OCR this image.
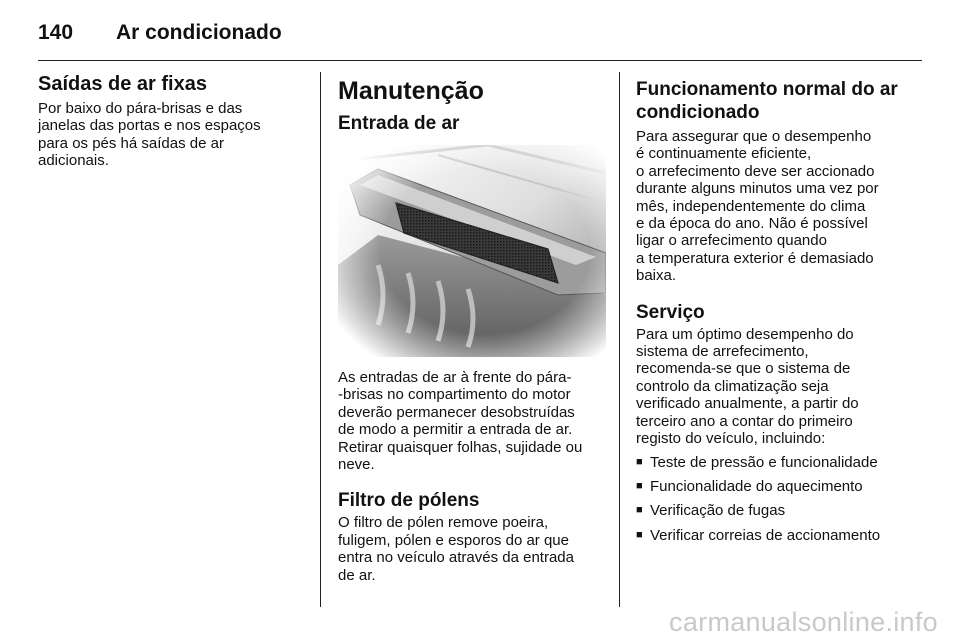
140	Ar condicionado
Saídas de ar fixas

Por baixo do pára-brisas e das
janelas das portas e nos espaços
para os pés há saídas de ar
adicionais.

Manutenção
Entrada de ar

As entradas de ar à frente do pára-
-brisas no compartimento do motor
deverão permanecer desobstruídas
de modo a permitir a entrada de ar.
Retirar quaisquer folhas, sujidade ou
neve.

Filtro de pólens

O filtro de pólen remove poeira,
fuligem, pólen e esporos do ar que
entra no veículo através da entrada
de ar.

Funcionamento normal do ar
condicionado

Para assegurar que o desempenho
é continuamente eficiente,
o arrefecimento deve ser accionado
durante alguns minutos uma vez por
mês, independentemente do clima
e da época do ano. Não é possível
ligar o arrefecimento quando
a temperatura exterior é demasiado
baixa.

Serviço

Para um óptimo desempenho do
sistema de arrefecimento,
recomenda-se que o sistema de
controlo da climatização seja
verificado anualmente, a partir do
terceiro ano a contar do primeiro
registo do veículo, incluindo:

■ Teste de pressão e funcionalidade
■ Funcionalidade do aquecimento
■ Verificação de fugas
■ Verificar correias de accionamento
carmanualsonline.info
